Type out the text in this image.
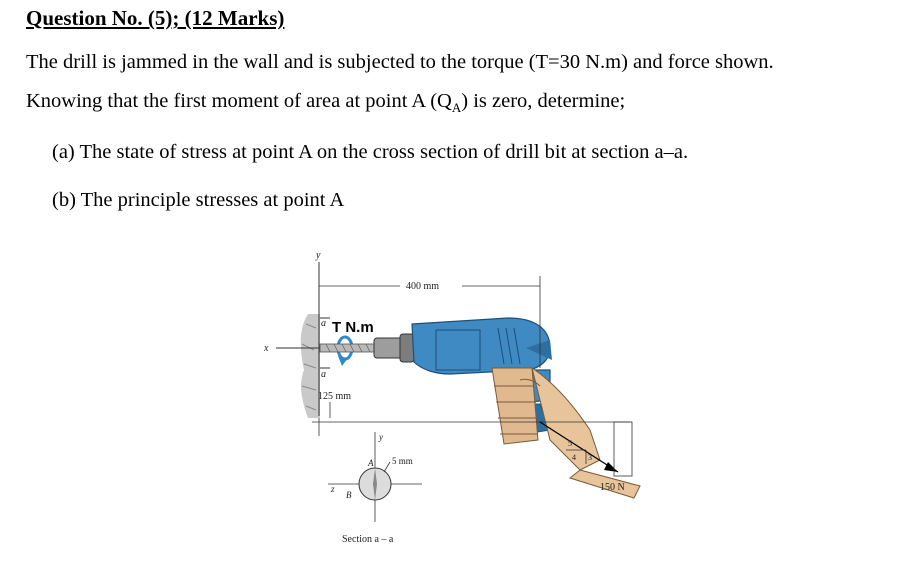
Question No. (5); (12 Marks)
The drill is jammed in the wall and is subjected to the torque (T=30 N.m) and force shown.
Knowing that the first moment of area at point A $(Q_A)$ is zero, determine;
(a) The state of stress at point A on the cross section of drill bit at section a–a.
(b) The principle stresses at point A
y
x
a
a
T N.m
400 mm
125 mm
4 3
5
150 N
y
z
A
B
5 mm
Section a – a
